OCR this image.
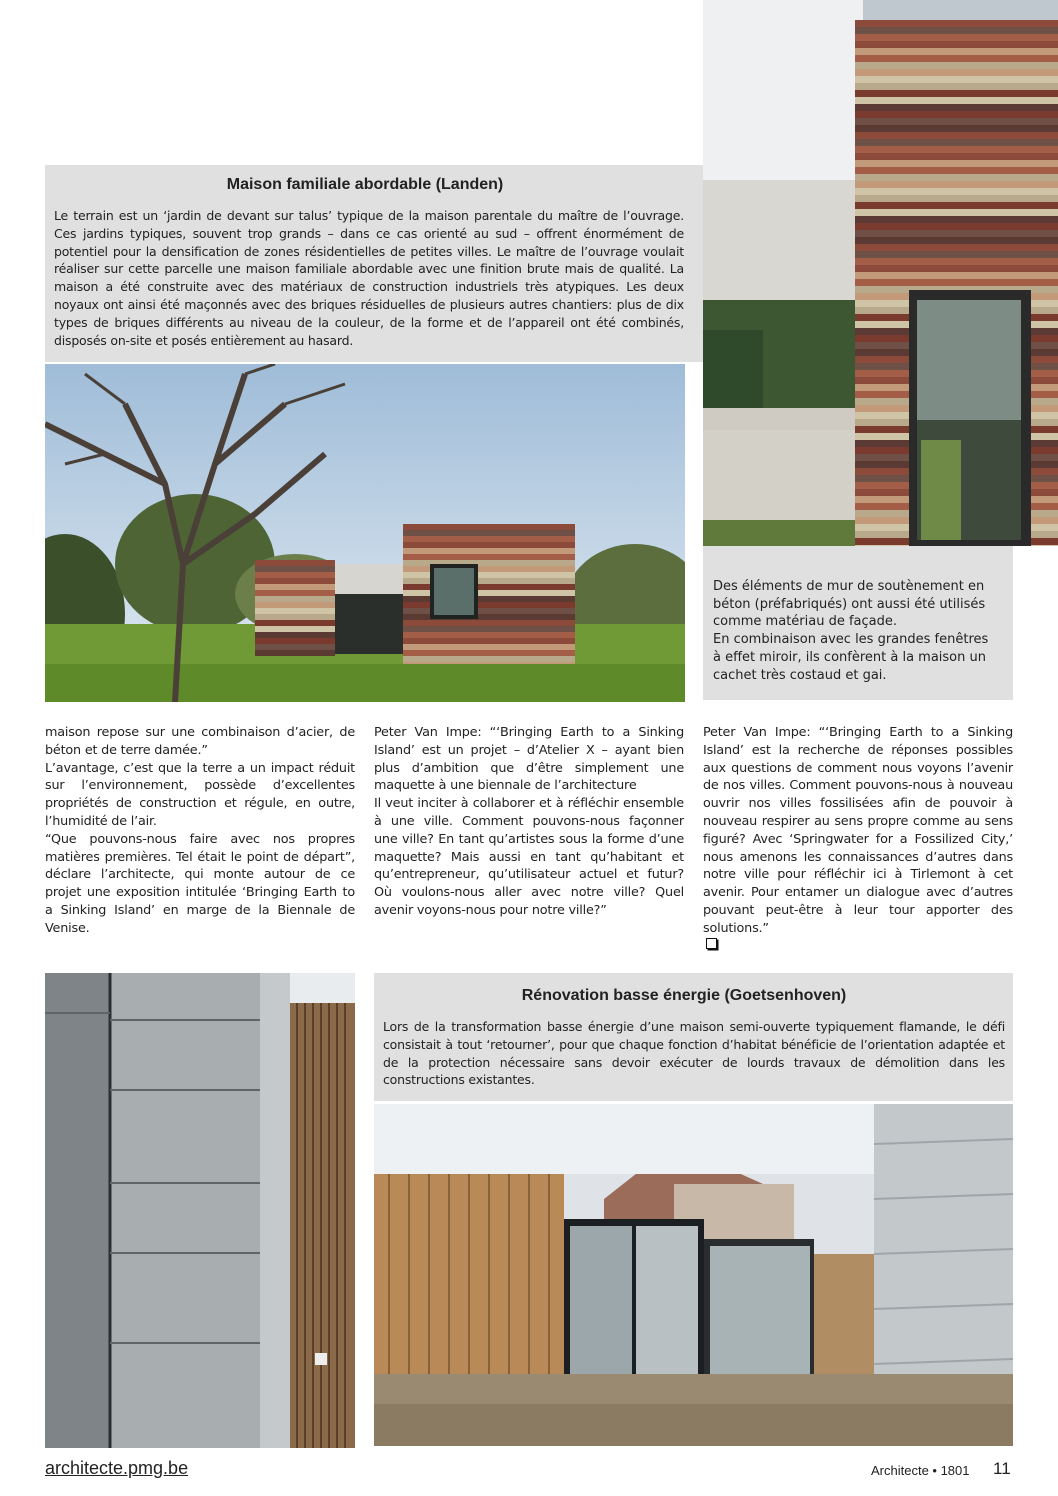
Maison familiale abordable (Landen)

Le terrain est un ‘jardin de devant sur talus’ typique de la maison parentale du maître de l’ouvrage. Ces jardins typiques, souvent trop grands – dans ce cas orienté au sud – offrent énormément de potentiel pour la densification de zones résidentielles de petites villes. Le maître de l’ouvrage voulait réaliser sur cette parcelle une maison familiale abordable avec une finition brute mais de qualité. La maison a été construite avec des matériaux de construction industriels très atypiques. Les deux noyaux ont ainsi été maçonnés avec des briques résiduelles de plusieurs autres chantiers: plus de dix types de briques différents au niveau de la couleur, de la forme et de l’appareil ont été combinés, disposés on-site et posés entièrement au hasard.

Des éléments de mur de soutènement en
béton (préfabriqués) ont aussi été utilisés
comme matériau de façade.
En combinaison avec les grandes fenêtres
à effet miroir, ils confèrent à la maison un
cachet très costaud et gai.
maison repose sur une combinaison d’acier, de béton et de terre damée.”
L’avantage, c’est que la terre a un impact réduit sur l’environnement, possède d’excellentes propriétés de construction et régule, en outre, l’humidité de l’air.
“Que pouvons-nous faire avec nos propres matières premières. Tel était le point de départ”, déclare l’architecte, qui monte autour de ce projet une exposition intitulée ‘Bringing Earth to a Sinking Island’ en marge de la Biennale de Venise.
Peter Van Impe: “‘Bringing Earth to a Sinking Island’ est un projet – d’Atelier X – ayant bien plus d’ambition que d’être simplement une maquette à une biennale de l’architecture
Il veut inciter à collaborer et à réfléchir ensemble à une ville. Comment pouvons-nous façonner une ville? En tant qu’artistes sous la forme d’une maquette? Mais aussi en tant qu’habitant et qu’entrepreneur, qu’utilisateur actuel et futur? Où voulons-nous aller avec notre ville? Quel avenir voyons-nous pour notre ville?”
Peter Van Impe: “‘Bringing Earth to a Sinking Island’ est la recherche de réponses possibles aux questions de comment nous voyons l’avenir de nos villes. Comment pouvons-nous à nouveau ouvrir nos villes fossilisées afin de pouvoir à nouveau respirer au sens propre comme au sens figuré? Avec ‘Springwater for a Fossilized City,’ nous amenons les connaissances d’autres dans notre ville pour réfléchir ici à Tirlemont à cet avenir. Pour entamer un dialogue avec d’autres pouvant peut-être à leur tour apporter des solutions.”
Rénovation basse énergie (Goetsenhoven)

Lors de la transformation basse énergie d’une maison semi-ouverte typiquement flamande, le défi consistait à tout ‘retourner’, pour que chaque fonction d’habitat bénéficie de l’orientation adaptée et de la protection nécessaire sans devoir exécuter de lourds travaux de démolition dans les constructions existantes.

architecte.pmg.be	Architecte • 1801 11
